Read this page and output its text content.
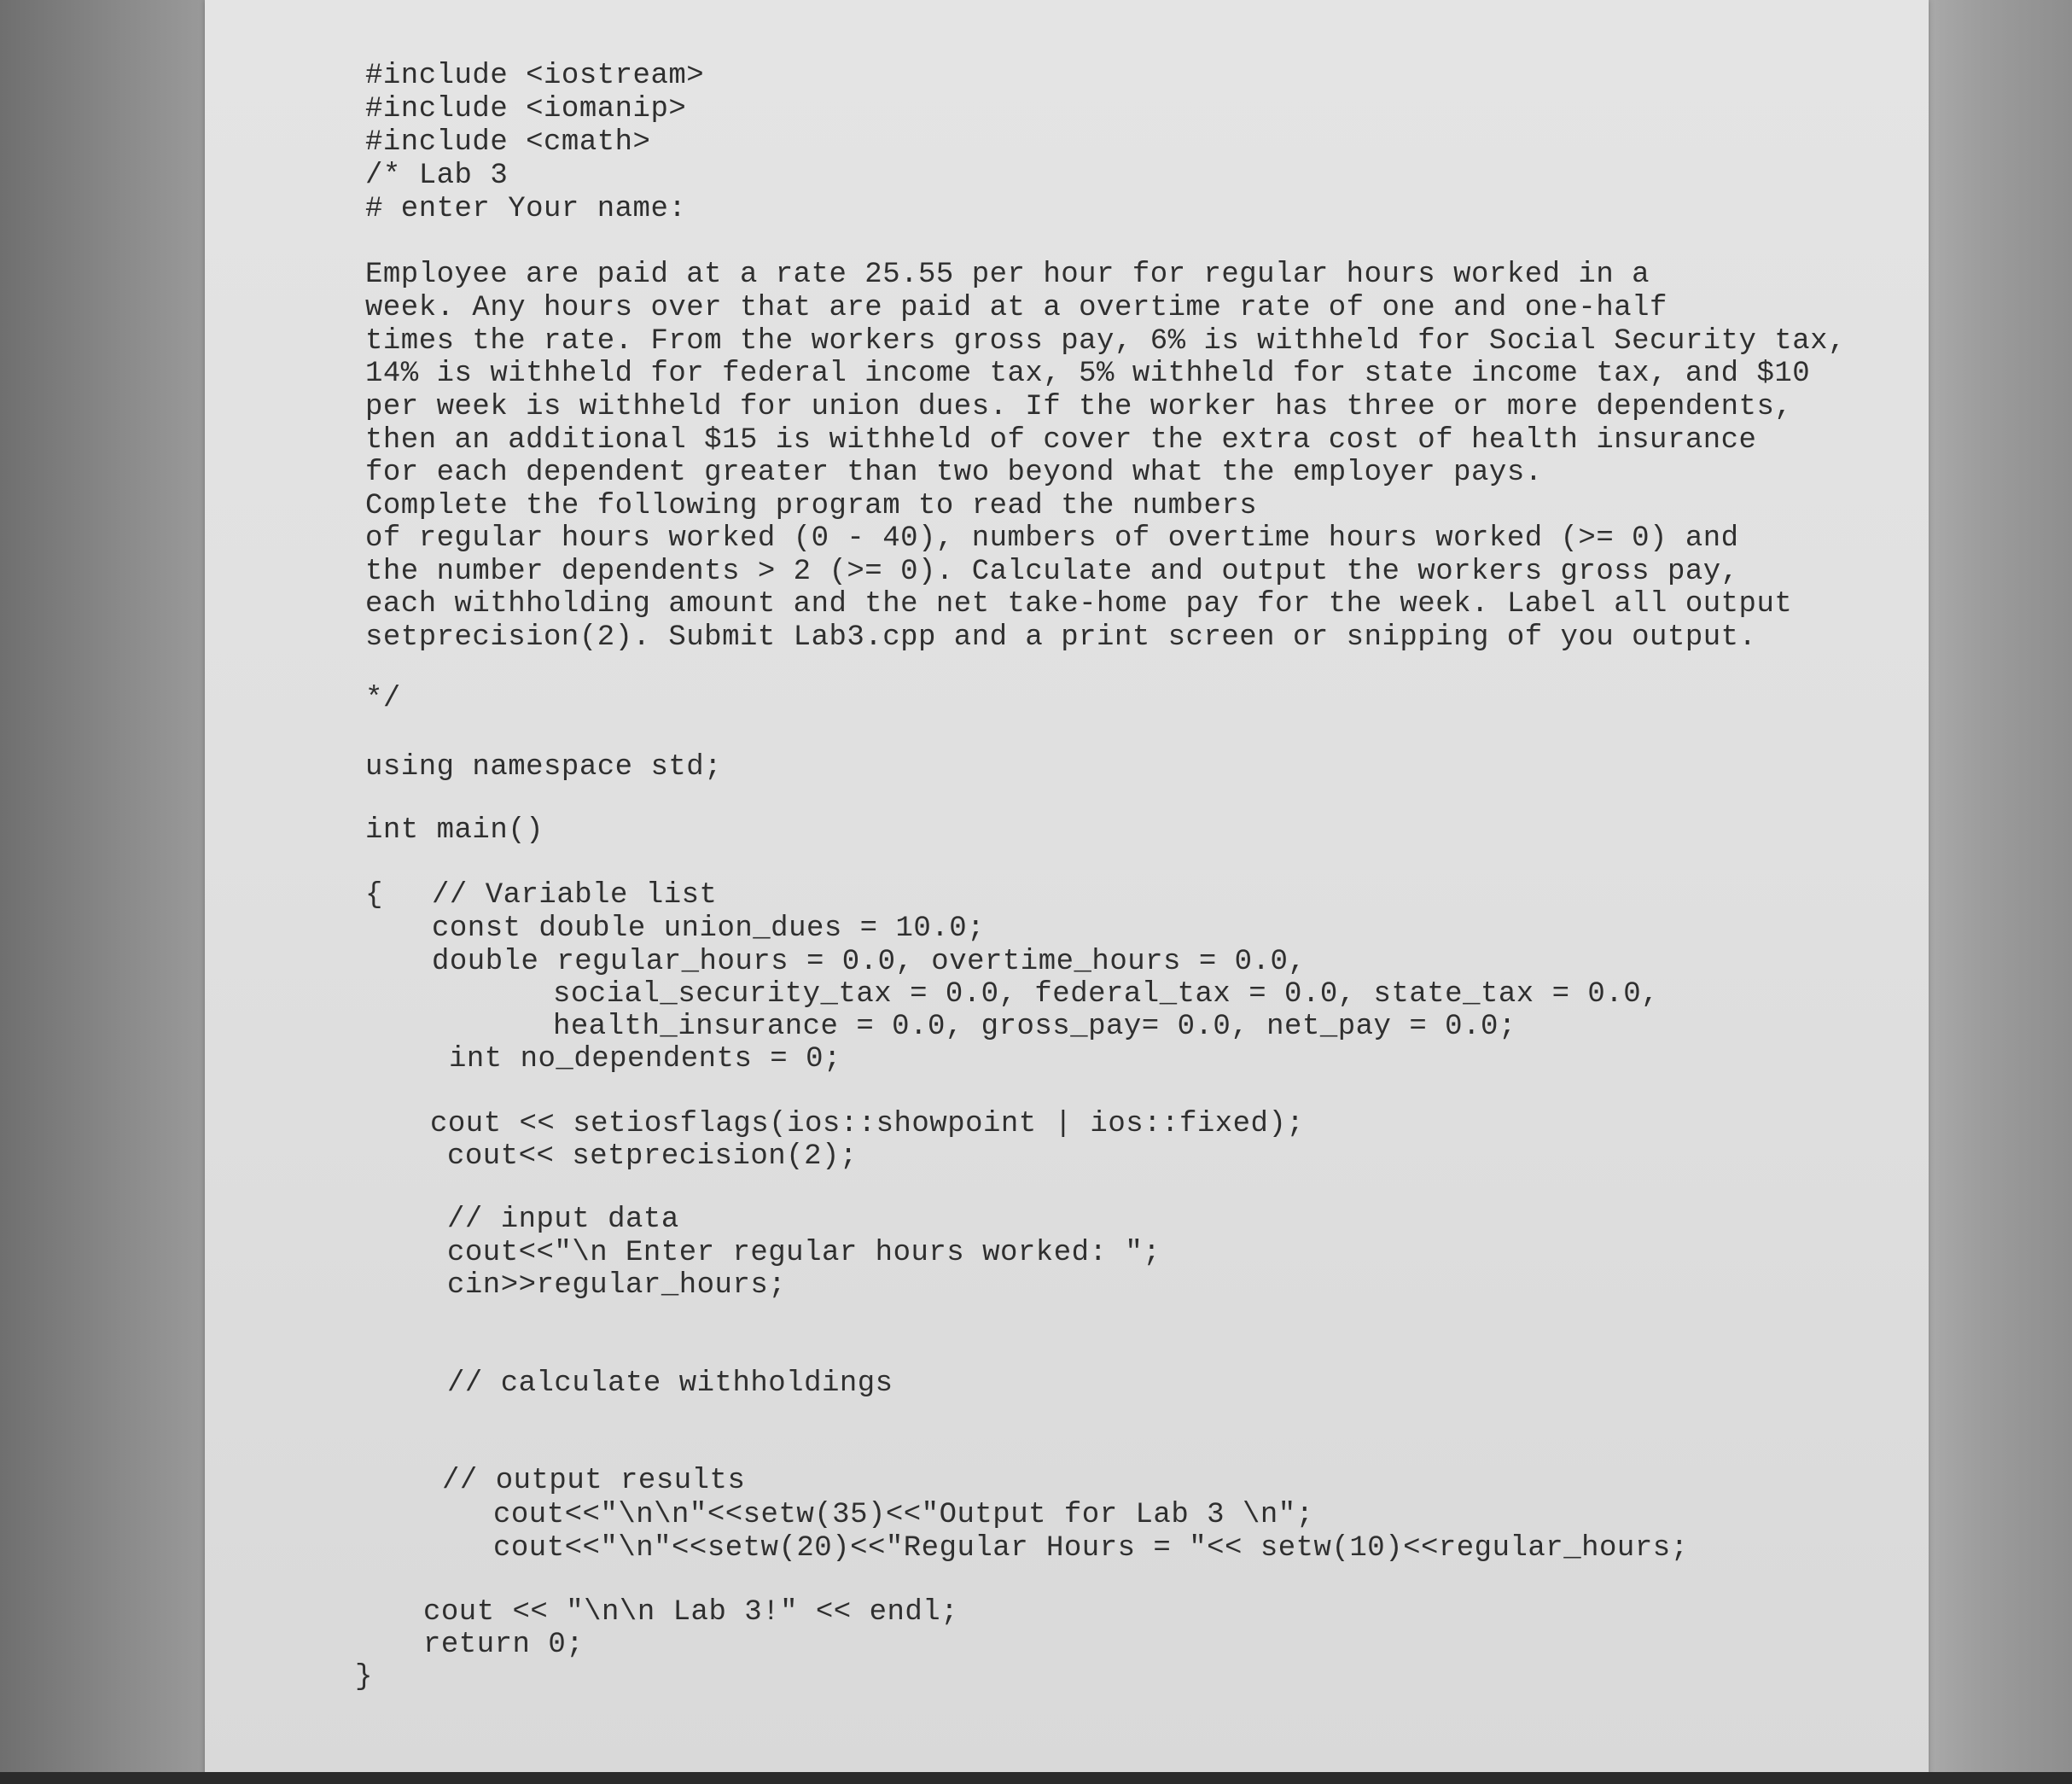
#include <iostream>

#include <iomanip>

#include <cmath>

/* Lab 3

# enter Your name:

Employee are paid at a rate 25.55 per hour for regular hours worked in a

week. Any hours over that are paid at a overtime rate of one and one-half

times the rate. From the workers gross pay, 6% is withheld for Social Security tax,

14% is withheld for federal income tax, 5% withheld for state income tax, and $10

per week is withheld for union dues. If the worker has three or more dependents,

then an additional $15 is withheld of cover the extra cost of health insurance

for each dependent greater than two beyond what the employer pays.

Complete the following program to read the numbers

of regular hours worked (0 - 40), numbers of overtime hours worked (>= 0) and

the number dependents > 2 (>= 0). Calculate and output the workers gross pay,

each withholding amount and the net take-home pay for the week. Label all output

setprecision(2). Submit Lab3.cpp and a print screen or snipping of you output.

*/

using namespace std;

int main()

{

// Variable list

const double union_dues = 10.0;

double regular_hours = 0.0, overtime_hours = 0.0,

social_security_tax = 0.0, federal_tax = 0.0, state_tax = 0.0,

health_insurance = 0.0, gross_pay= 0.0, net_pay = 0.0;

int no_dependents = 0;

cout << setiosflags(ios::showpoint | ios::fixed);

cout<< setprecision(2);

// input data

cout<<"\n Enter regular hours worked: ";

cin>>regular_hours;

// calculate withholdings

// output results

cout<<"\n\n"<<setw(35)<<"Output for Lab 3 \n";

cout<<"\n"<<setw(20)<<"Regular Hours = "<< setw(10)<<regular_hours;

cout << "\n\n Lab 3!" << endl;

return 0;

}
